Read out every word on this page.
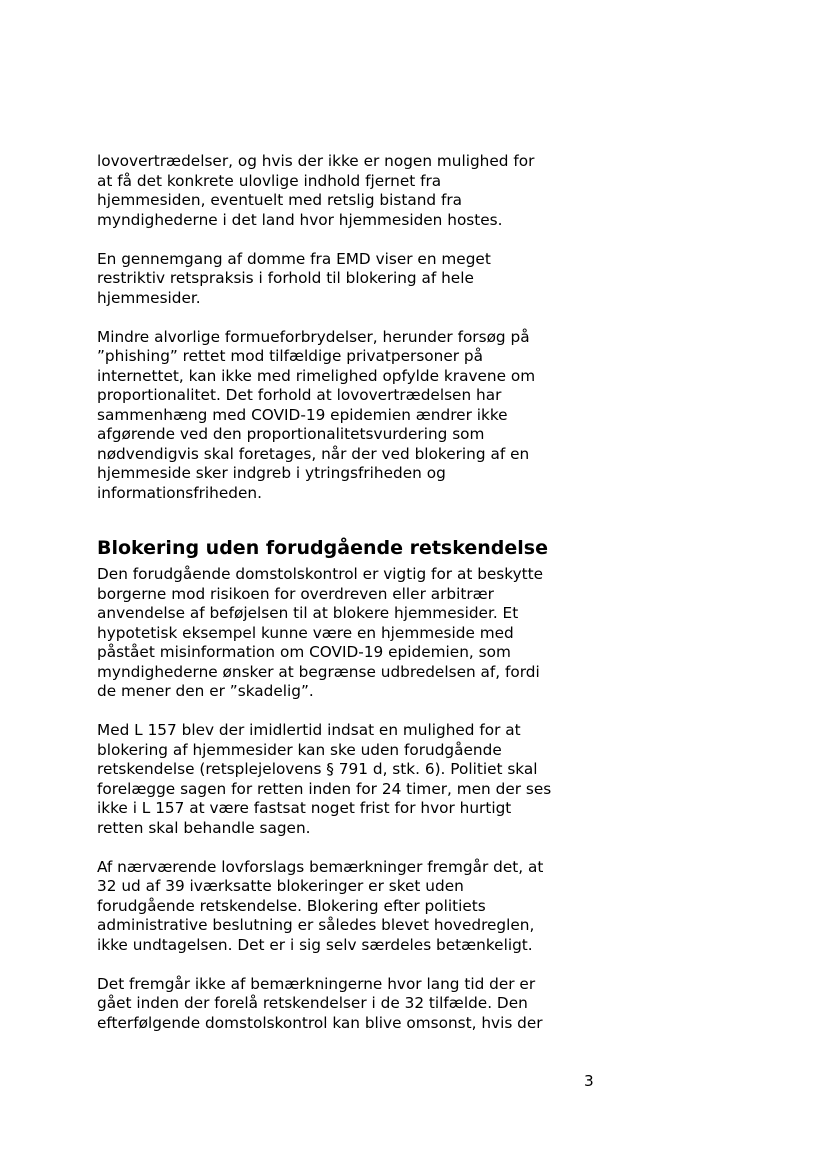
lovovertrædelser, og hvis der ikke er nogen mulighed for
at få det konkrete ulovlige indhold fjernet fra
hjemmesiden, eventuelt med retslig bistand fra
myndighederne i det land hvor hjemmesiden hostes.

En gennemgang af domme fra EMD viser en meget
restriktiv retspraksis i forhold til blokering af hele
hjemmesider.

Mindre alvorlige formueforbrydelser, herunder forsøg på
”phishing” rettet mod tilfældige privatpersoner på
internettet, kan ikke med rimelighed opfylde kravene om
proportionalitet. Det forhold at lovovertrædelsen har
sammenhæng med COVID-19 epidemien ændrer ikke
afgørende ved den proportionalitetsvurdering som
nødvendigvis skal foretages, når der ved blokering af en
hjemmeside sker indgreb i ytringsfriheden og
informationsfriheden.

Blokering uden forudgående retskendelse

Den forudgående domstolskontrol er vigtig for at beskytte
borgerne mod risikoen for overdreven eller arbitrær
anvendelse af beføjelsen til at blokere hjemmesider. Et
hypotetisk eksempel kunne være en hjemmeside med
påstået misinformation om COVID-19 epidemien, som
myndighederne ønsker at begrænse udbredelsen af, fordi
de mener den er ”skadelig”.

Med L 157 blev der imidlertid indsat en mulighed for at
blokering af hjemmesider kan ske uden forudgående
retskendelse (retsplejelovens § 791 d, stk. 6). Politiet skal
forelægge sagen for retten inden for 24 timer, men der ses
ikke i L 157 at være fastsat noget frist for hvor hurtigt
retten skal behandle sagen.

Af nærværende lovforslags bemærkninger fremgår det, at
32 ud af 39 iværksatte blokeringer er sket uden
forudgående retskendelse. Blokering efter politiets
administrative beslutning er således blevet hovedreglen,
ikke undtagelsen. Det er i sig selv særdeles betænkeligt.

Det fremgår ikke af bemærkningerne hvor lang tid der er
gået inden der forelå retskendelser i de 32 tilfælde. Den
efterfølgende domstolskontrol kan blive omsonst, hvis der

3
